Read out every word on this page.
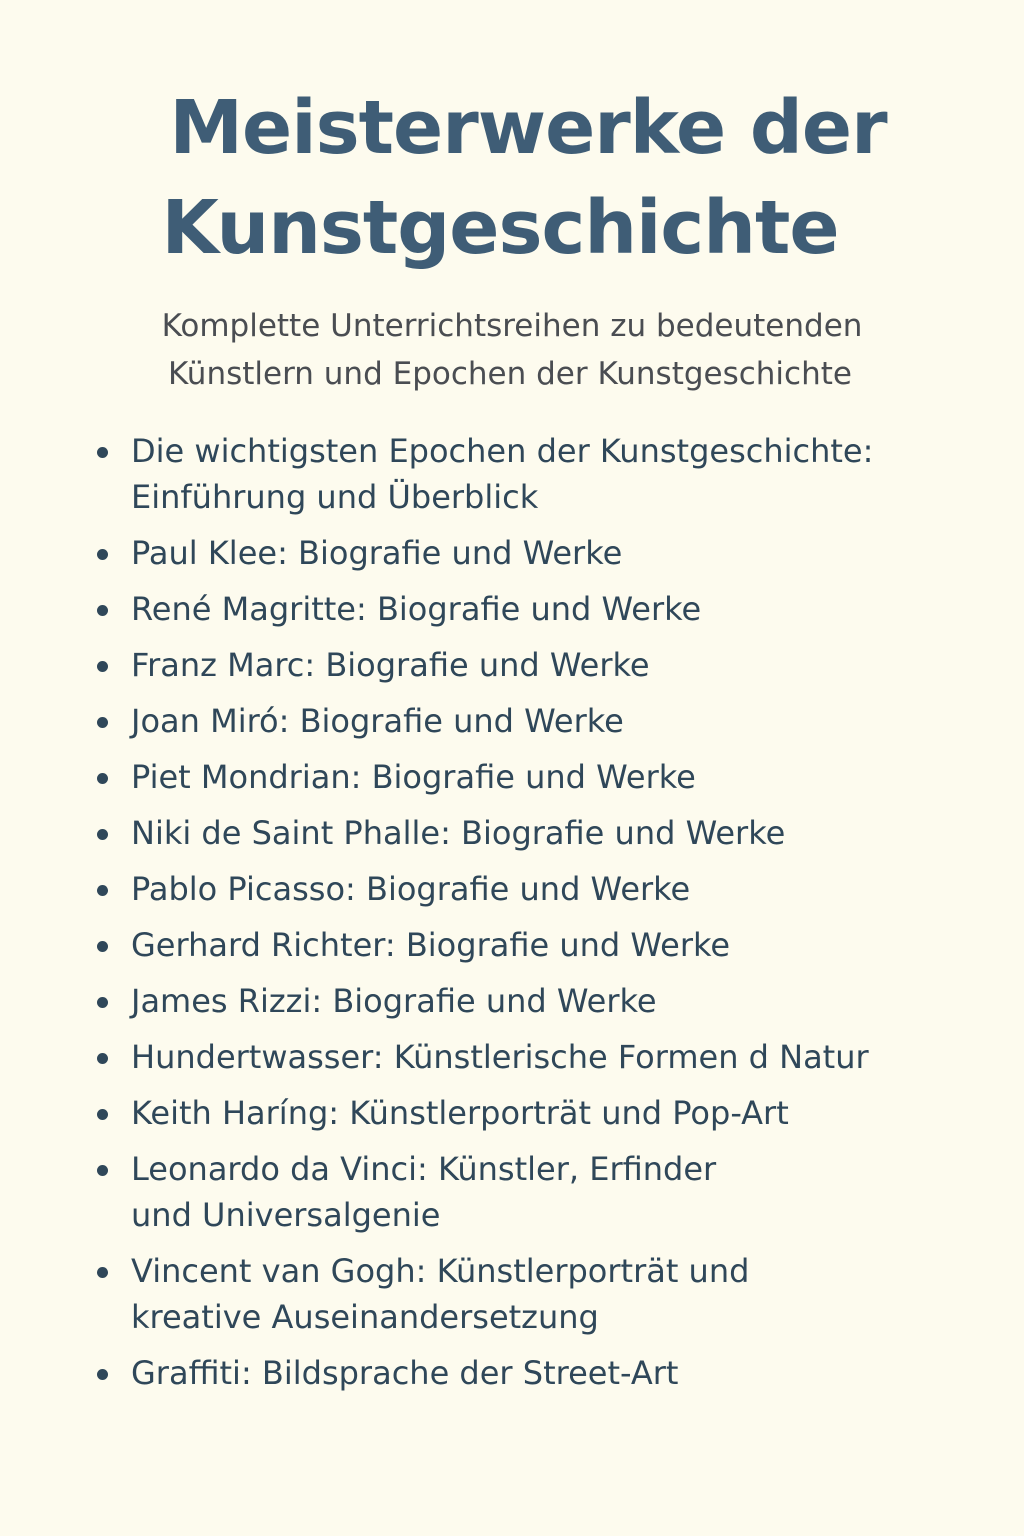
Meisterwerke der
Kunstgeschichte

Komplette Unterrichtsreihen zu bedeutenden
Künstlern und Epochen der Kunstgeschichte

Die wichtigsten Epochen der Kunstgeschichte:
Einführung und Überblick
Paul Klee: Biografie und Werke
René Magritte: Biografie und Werke
Franz Marc: Biografie und Werke
Joan Miró: Biografie und Werke
Piet Mondrian: Biografie und Werke
Niki de Saint Phalle: Biografie und Werke
Pablo Picasso: Biografie und Werke
Gerhard Richter: Biografie und Werke
James Rizzi: Biografie und Werke
Hundertwasser: Künstlerische Formen d Natur
Keith Haríng: Künstlerporträt und Pop-Art
Leonardo da Vinci: Künstler, Erfinder
und Universalgenie
Vincent van Gogh: Künstlerporträt und
kreative Auseinandersetzung
Graffiti: Bildsprache der Street-Art
